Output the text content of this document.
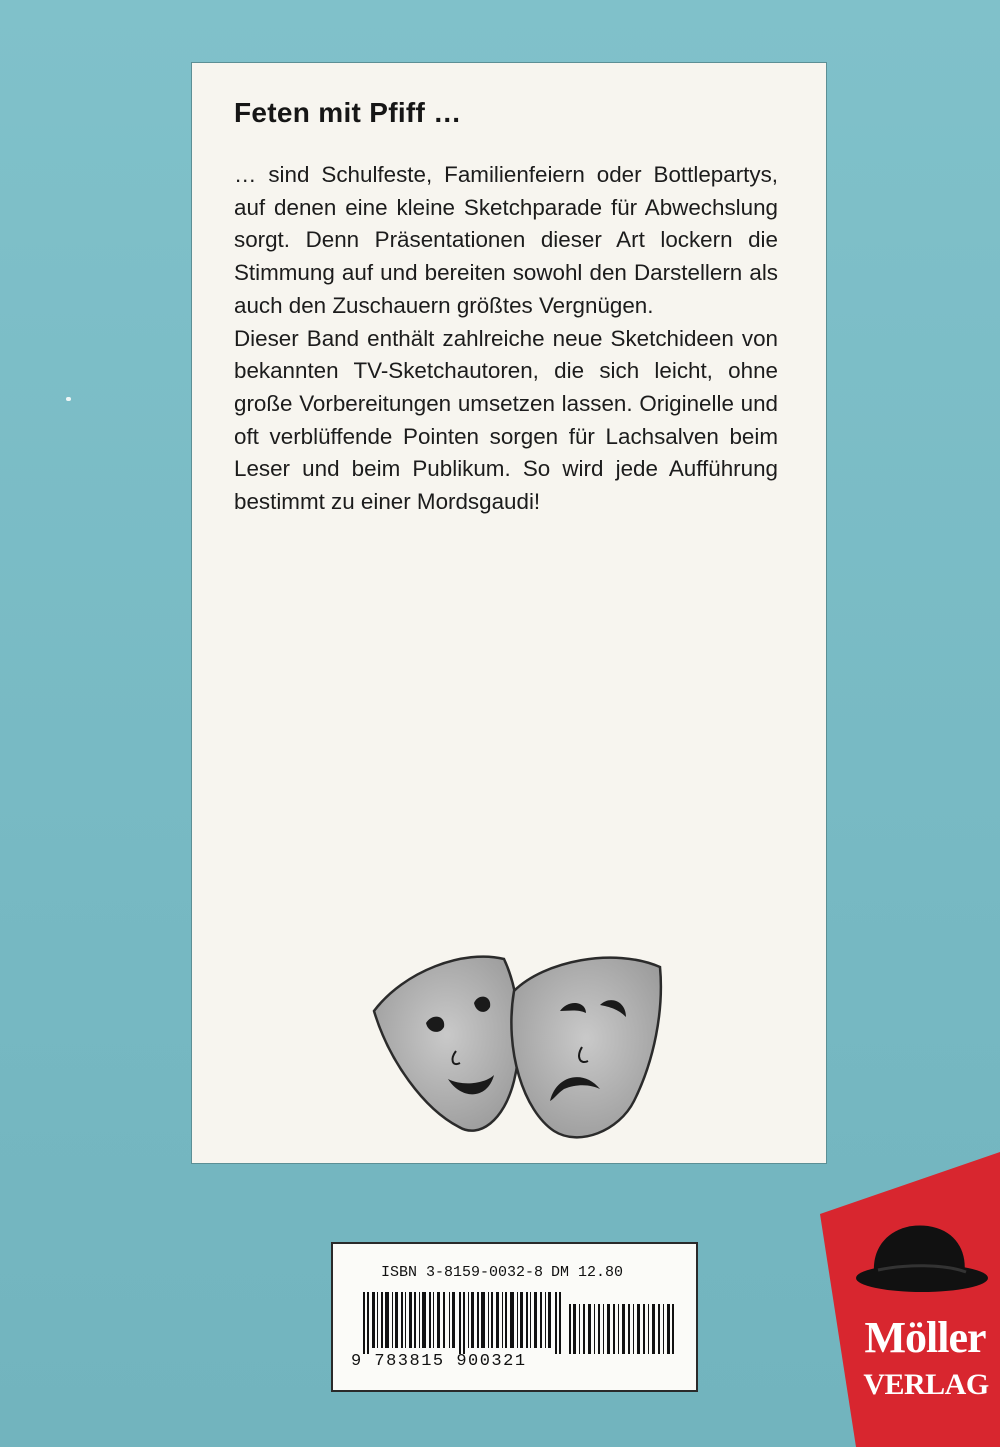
Feten mit Pfiff …

… sind Schulfeste, Familienfeiern oder Bottlepartys, auf denen eine kleine Sketchparade für Abwechslung sorgt. Denn Präsentationen dieser Art lockern die Stimmung auf und bereiten sowohl den Darstellern als auch den Zuschauern größtes Vergnügen.

Dieser Band enthält zahlreiche neue Sketchideen von bekannten TV-Sketchautoren, die sich leicht, ohne große Vorbereitungen umsetzen lassen. Originelle und oft verblüffende Pointen sorgen für Lachsalven beim Leser und beim Publikum. So wird jede Aufführung bestimmt zu einer Mordsgaudi!

ISBN 3-8159-0032-8 DM 12.80
9 783815 900321	Möller
VERLAG
